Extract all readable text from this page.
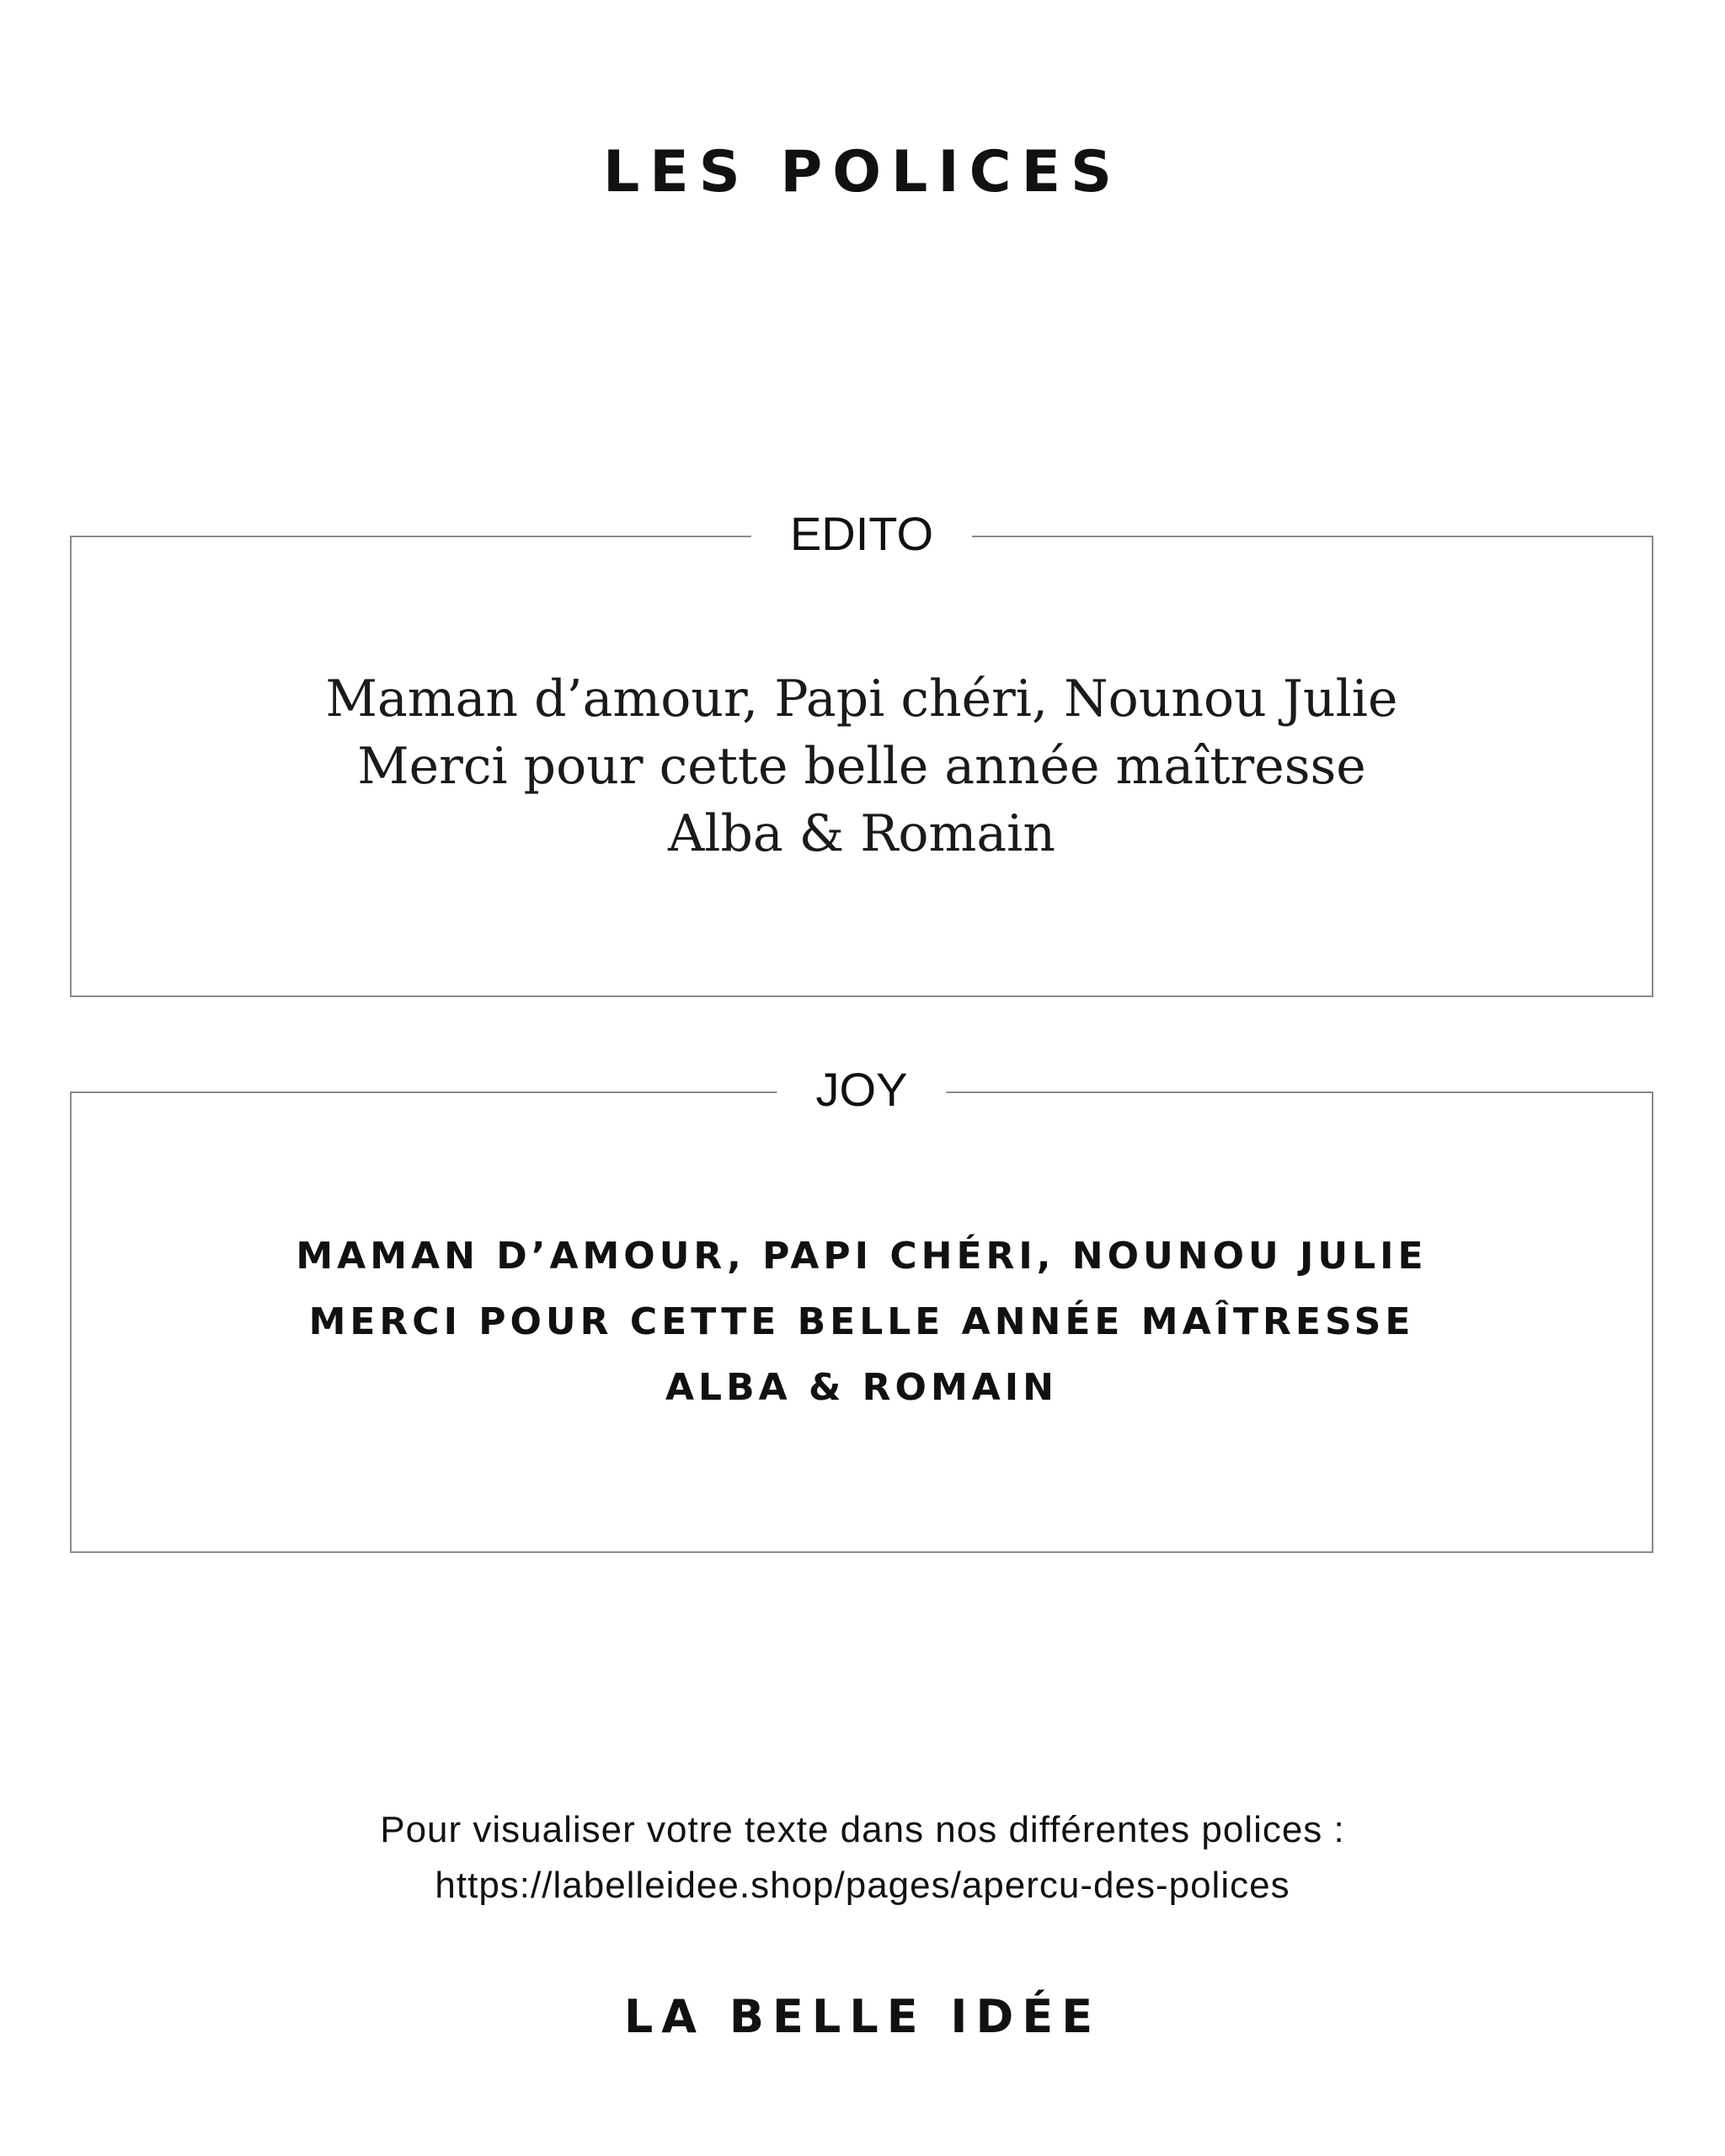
LES POLICES
EDITO
Maman d’amour, Papi chéri, Nounou Julie
Merci pour cette belle année maîtresse
Alba & Romain
JOY
MAMAN D’AMOUR, PAPI CHÉRI, NOUNOU JULIE
MERCI POUR CETTE BELLE ANNÉE MAÎTRESSE
ALBA & ROMAIN
Pour visualiser votre texte dans nos différentes polices :
https://labelleidee.shop/pages/apercu-des-polices
LA BELLE IDÉE
